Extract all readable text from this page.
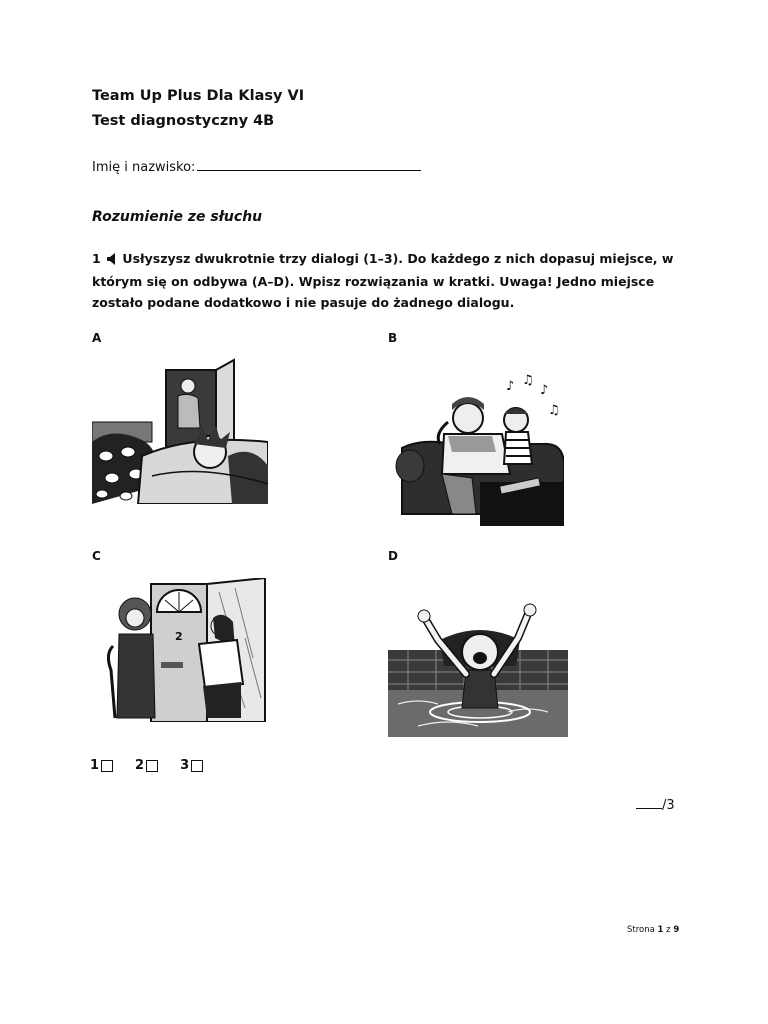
Team Up Plus Dla Klasy VI
Test diagnostyczny 4B
Imię i nazwisko:
Rozumienie ze słuchu
1 Usłyszysz dwukrotnie trzy dialogi (1–3). Do każdego z nich dopasuj miejsce, w którym się on odbywa (A–D). Wpisz rozwiązania w kratki. Uwaga! Jedno miejsce zostało podane dodatkowo i nie pasuje do żadnego dialogu.
A	B
♪ ♫
♪
♫
C
2
D
1	2	3
/3
Strona 1 z 9
